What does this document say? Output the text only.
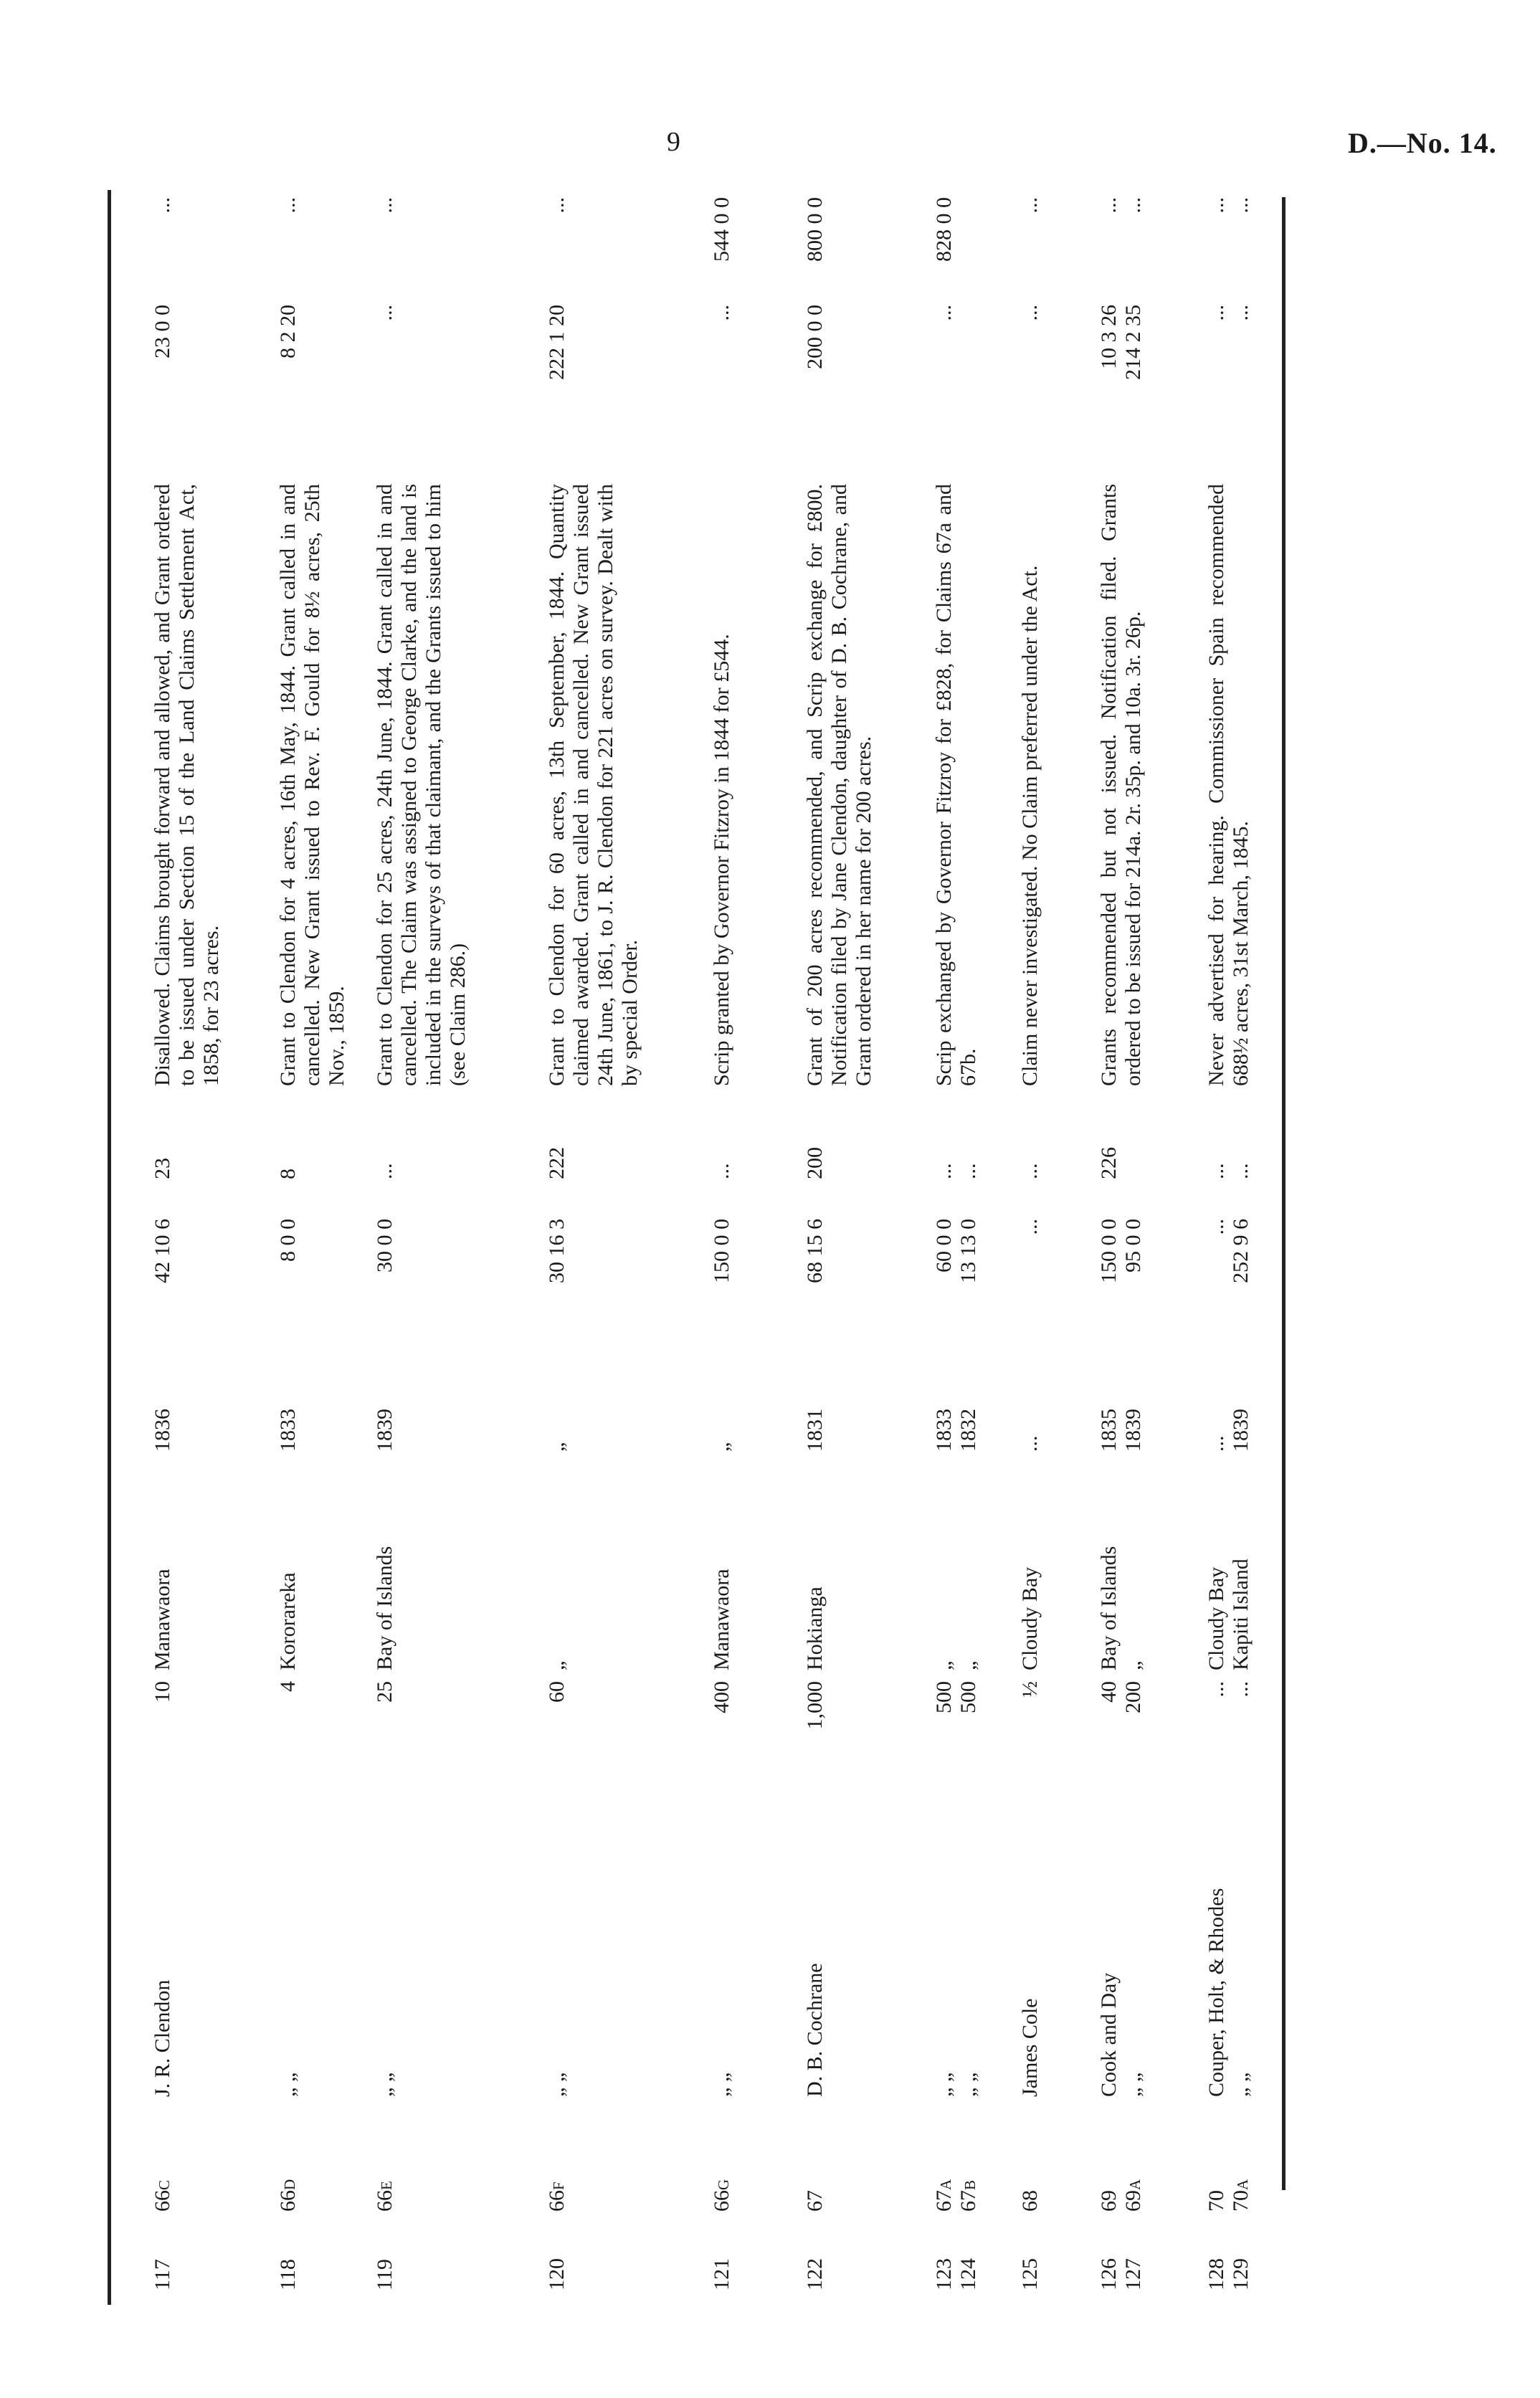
9	D.—No. 14.
117
66c
J. R. Clendon
10
Manawaora
1836
42 10 6
23
Disallowed. Claims brought forward and allowed, and Grant ordered to be issued under Section 15 of the Land Claims Settlement Act, 1858, for 23 acres.
23 0 0
...
118
66d
„ „
4
Kororareka
1833
8 0 0
8
Grant to Clendon for 4 acres, 16th May, 1844. Grant called in and cancelled. New Grant issued to Rev. F. Gould for 8½ acres, 25th Nov., 1859.
8 2 20
...
119
66e
„ „
25
Bay of Islands
1839
30 0 0
...
Grant to Clendon for 25 acres, 24th June, 1844. Grant called in and cancelled. The Claim was assigned to George Clarke, and the land is included in the surveys of that claimant, and the Grants issued to him (see Claim 286.)
...
...
120
66f
„ „
60
„
„
30 16 3
222
Grant to Clendon for 60 acres, 13th September, 1844. Quantity claimed awarded. Grant called in and cancelled. New Grant issued 24th June, 1861, to J. R. Clendon for 221 acres on survey. Dealt with by special Order.
222 1 20
...
121
66g
„ „
400
Manawaora
„
150 0 0
...
Scrip granted by Governor Fitzroy in 1844 for £544.
...
544 0 0
122
67
D. B. Cochrane
1,000
Hokianga
1831
68 15 6
200
Grant of 200 acres recommended, and Scrip exchange for £800. Notification filed by Jane Clendon, daughter of D. B. Cochrane, and Grant ordered in her name for 200 acres.
200 0 0
800 0 0
123 124
67a 67b
„ „ „ „
500 500
„ „
1833 1832
60 0 0 13 13 0
... ...
Scrip exchanged by Governor Fitzroy for £828, for Claims 67a and 67b.
...
828 0 0
125
68
James Cole
½
Cloudy Bay
...
...
...
Claim never investigated. No Claim preferred under the Act.
...
...
126 127
69 69a
Cook and Day „ „
40 200
Bay of Islands „
1835 1839
150 0 0 95 0 0
226
Grants recommended but not issued. Notification filed. Grants ordered to be issued for 214a. 2r. 35p. and 10a. 3r. 26p.
10 3 26 214 2 35
... ...
128 129
70 70a
Couper, Holt, & Rhodes „ „
... ...
Cloudy Bay Kapiti Island
... 1839
... 252 9 6
... ...
Never advertised for hearing. Commissioner Spain recommended 688½ acres, 31st March, 1845.
... ...
... ...
